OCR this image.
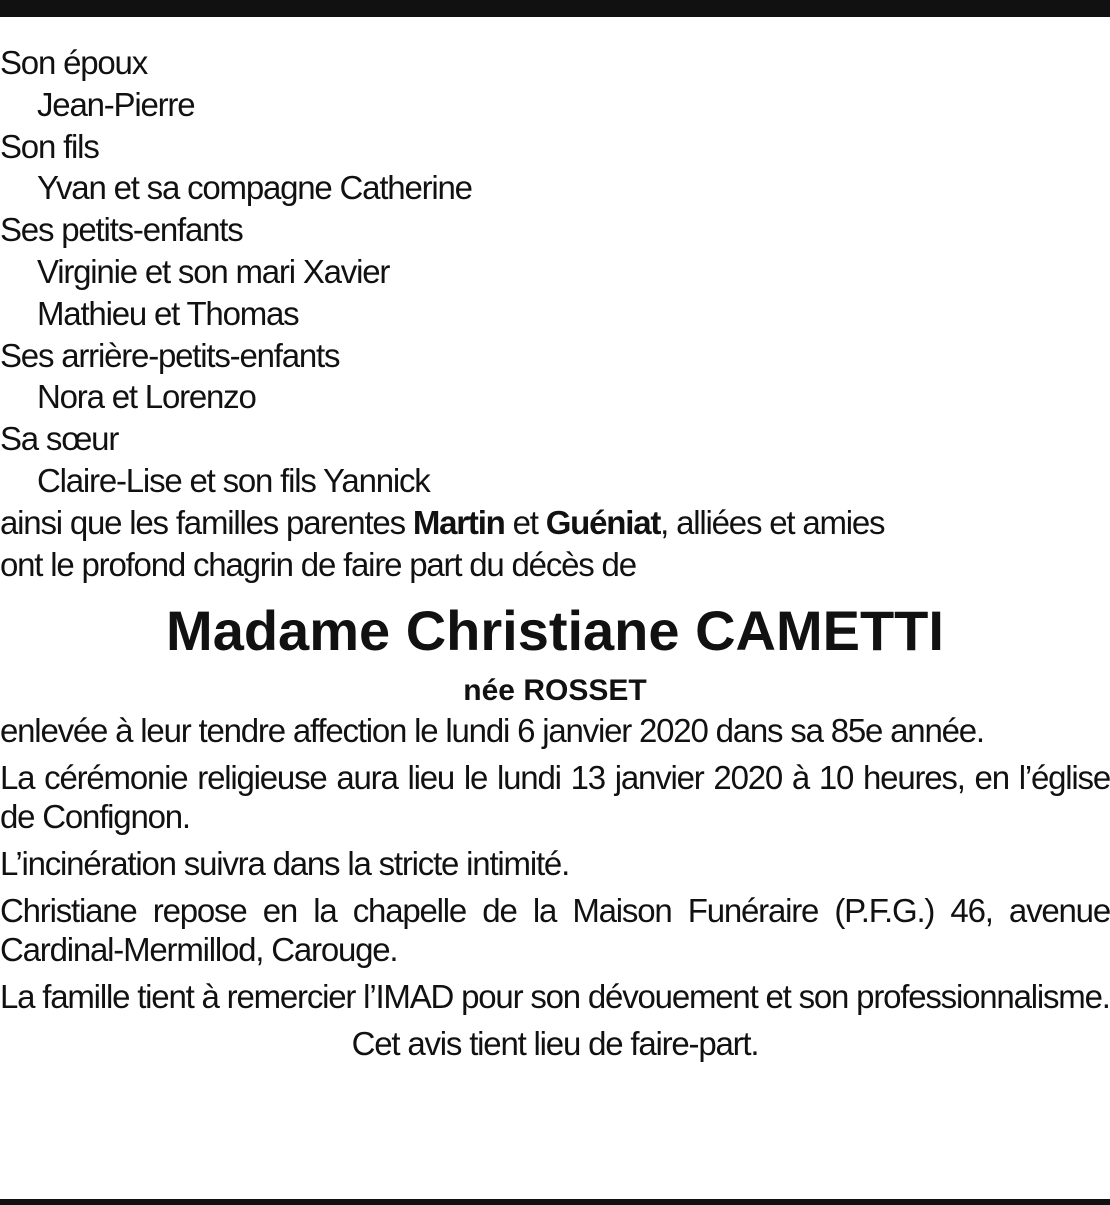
Son époux
Jean-Pierre
Son fils
Yvan et sa compagne Catherine
Ses petits-enfants
Virginie et son mari Xavier
Mathieu et Thomas
Ses arrière-petits-enfants
Nora et Lorenzo
Sa sœur
Claire-Lise et son fils Yannick
ainsi que les familles parentes Martin et Guéniat, alliées et amies
ont le profond chagrin de faire part du décès de
Madame Christiane CAMETTI
née ROSSET
enlevée à leur tendre affection le lundi 6 janvier 2020 dans sa 85e année.
La cérémonie religieuse aura lieu le lundi 13 janvier 2020 à 10 heures, en l’église de Confignon.
L’incinération suivra dans la stricte intimité.
Christiane repose en la chapelle de la Maison Funéraire (P.F.G.) 46, avenue Cardinal-Mermillod, Carouge.
La famille tient à remercier l’IMAD pour son dévouement et son professionnalisme.
Cet avis tient lieu de faire-part.
